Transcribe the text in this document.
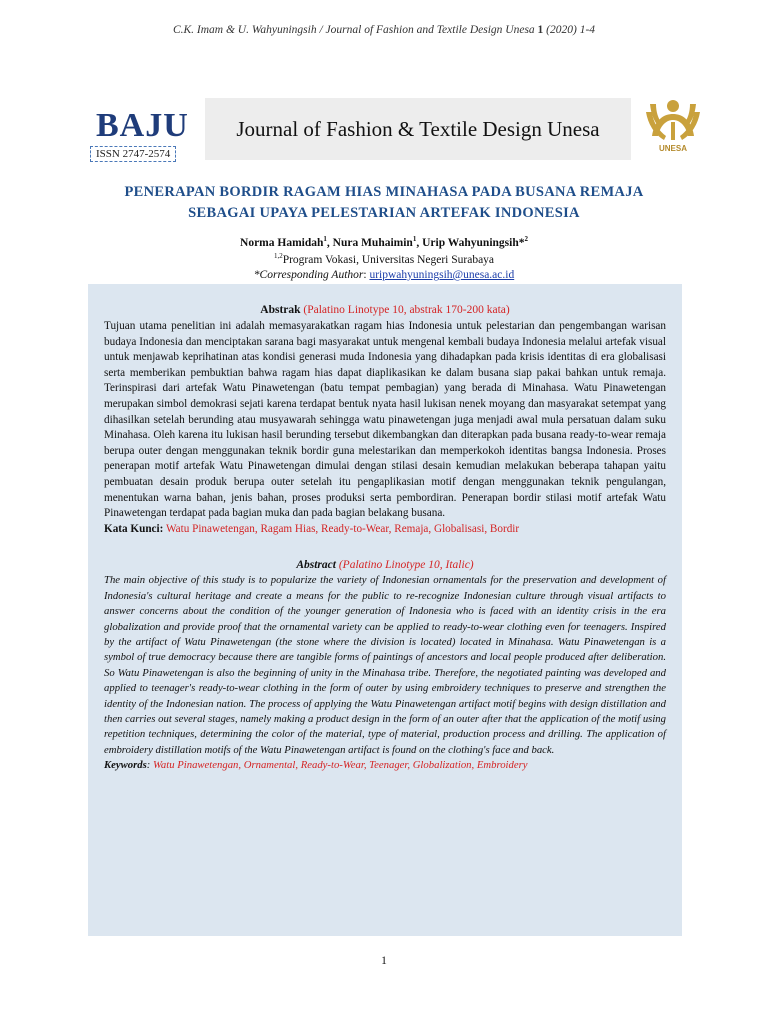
C.K. Imam & U. Wahyuningsih / Journal of Fashion and Textile Design Unesa 1 (2020) 1-4
BAJU
ISSN 2747-2574
Journal of Fashion & Textile Design Unesa
UNESA
PENERAPAN BORDIR RAGAM HIAS MINAHASA PADA BUSANA REMAJA
SEBAGAI UPAYA PELESTARIAN ARTEFAK INDONESIA
Norma Hamidah$^1$, Nura Muhaimin$^1$, Urip Wahyuningsih*$^2$
$^{1,2}$Program Vokasi, Universitas Negeri Surabaya
*Corresponding Author: uripwahyuningsih@unesa.ac.id
Abstrak (Palatino Linotype 10, abstrak 170-200 kata)

Tujuan utama penelitian ini adalah memasyarakatkan ragam hias Indonesia untuk pelestarian dan pengembangan warisan budaya Indonesia dan menciptakan sarana bagi masyarakat untuk mengenal kembali budaya Indonesia melalui artefak visual untuk menjawab keprihatinan atas kondisi generasi muda Indonesia yang dihadapkan pada krisis identitas di era globalisasi serta memberikan pembuktian bahwa ragam hias dapat diaplikasikan ke dalam busana siap pakai bahkan untuk remaja. Terinspirasi dari artefak Watu Pinawetengan (batu tempat pembagian) yang berada di Minahasa. Watu Pinawetengan merupakan simbol demokrasi sejati karena terdapat bentuk nyata hasil lukisan nenek moyang dan masyarakat setempat yang dihasilkan setelah berunding atau musyawarah sehingga watu pinawetengan juga menjadi awal mula persatuan dalam suku Minahasa. Oleh karena itu lukisan hasil berunding tersebut dikembangkan dan diterapkan pada busana ready-to-wear remaja berupa outer dengan menggunakan teknik bordir guna melestarikan dan memperkokoh identitas bangsa Indonesia. Proses penerapan motif artefak Watu Pinawetengan dimulai dengan stilasi desain kemudian melakukan beberapa tahapan yaitu pembuatan desain produk berupa outer setelah itu pengaplikasian motif dengan menggunakan teknik pengulangan, menentukan warna bahan, jenis bahan, proses produksi serta pembordiran. Penerapan bordir stilasi motif artefak Watu Pinawetengan terdapat pada bagian muka dan pada bagian belakang busana.

Kata Kunci: Watu Pinawetengan, Ragam Hias, Ready-to-Wear, Remaja, Globalisasi, Bordir

Abstract (Palatino Linotype 10, Italic)

The main objective of this study is to popularize the variety of Indonesian ornamentals for the preservation and development of Indonesia's cultural heritage and create a means for the public to re-recognize Indonesian culture through visual artifacts to answer concerns about the condition of the younger generation of Indonesia who is faced with an identity crisis in the era globalization and provide proof that the ornamental variety can be applied to ready-to-wear clothing even for teenagers. Inspired by the artifact of Watu Pinawetengan (the stone where the division is located) located in Minahasa. Watu Pinawetengan is a symbol of true democracy because there are tangible forms of paintings of ancestors and local people produced after deliberation. So Watu Pinawetengan is also the beginning of unity in the Minahasa tribe. Therefore, the negotiated painting was developed and applied to teenager's ready-to-wear clothing in the form of outer by using embroidery techniques to preserve and strengthen the identity of the Indonesian nation. The process of applying the Watu Pinawetengan artifact motif begins with design distillation and then carries out several stages, namely making a product design in the form of an outer after that the application of the motif using repetition techniques, determining the color of the material, type of material, production process and drilling. The application of embroidery distillation motifs of the Watu Pinawetengan artifact is found on the clothing's face and back.

Keywords: Watu Pinawetengan, Ornamental, Ready-to-Wear, Teenager, Globalization, Embroidery

1
